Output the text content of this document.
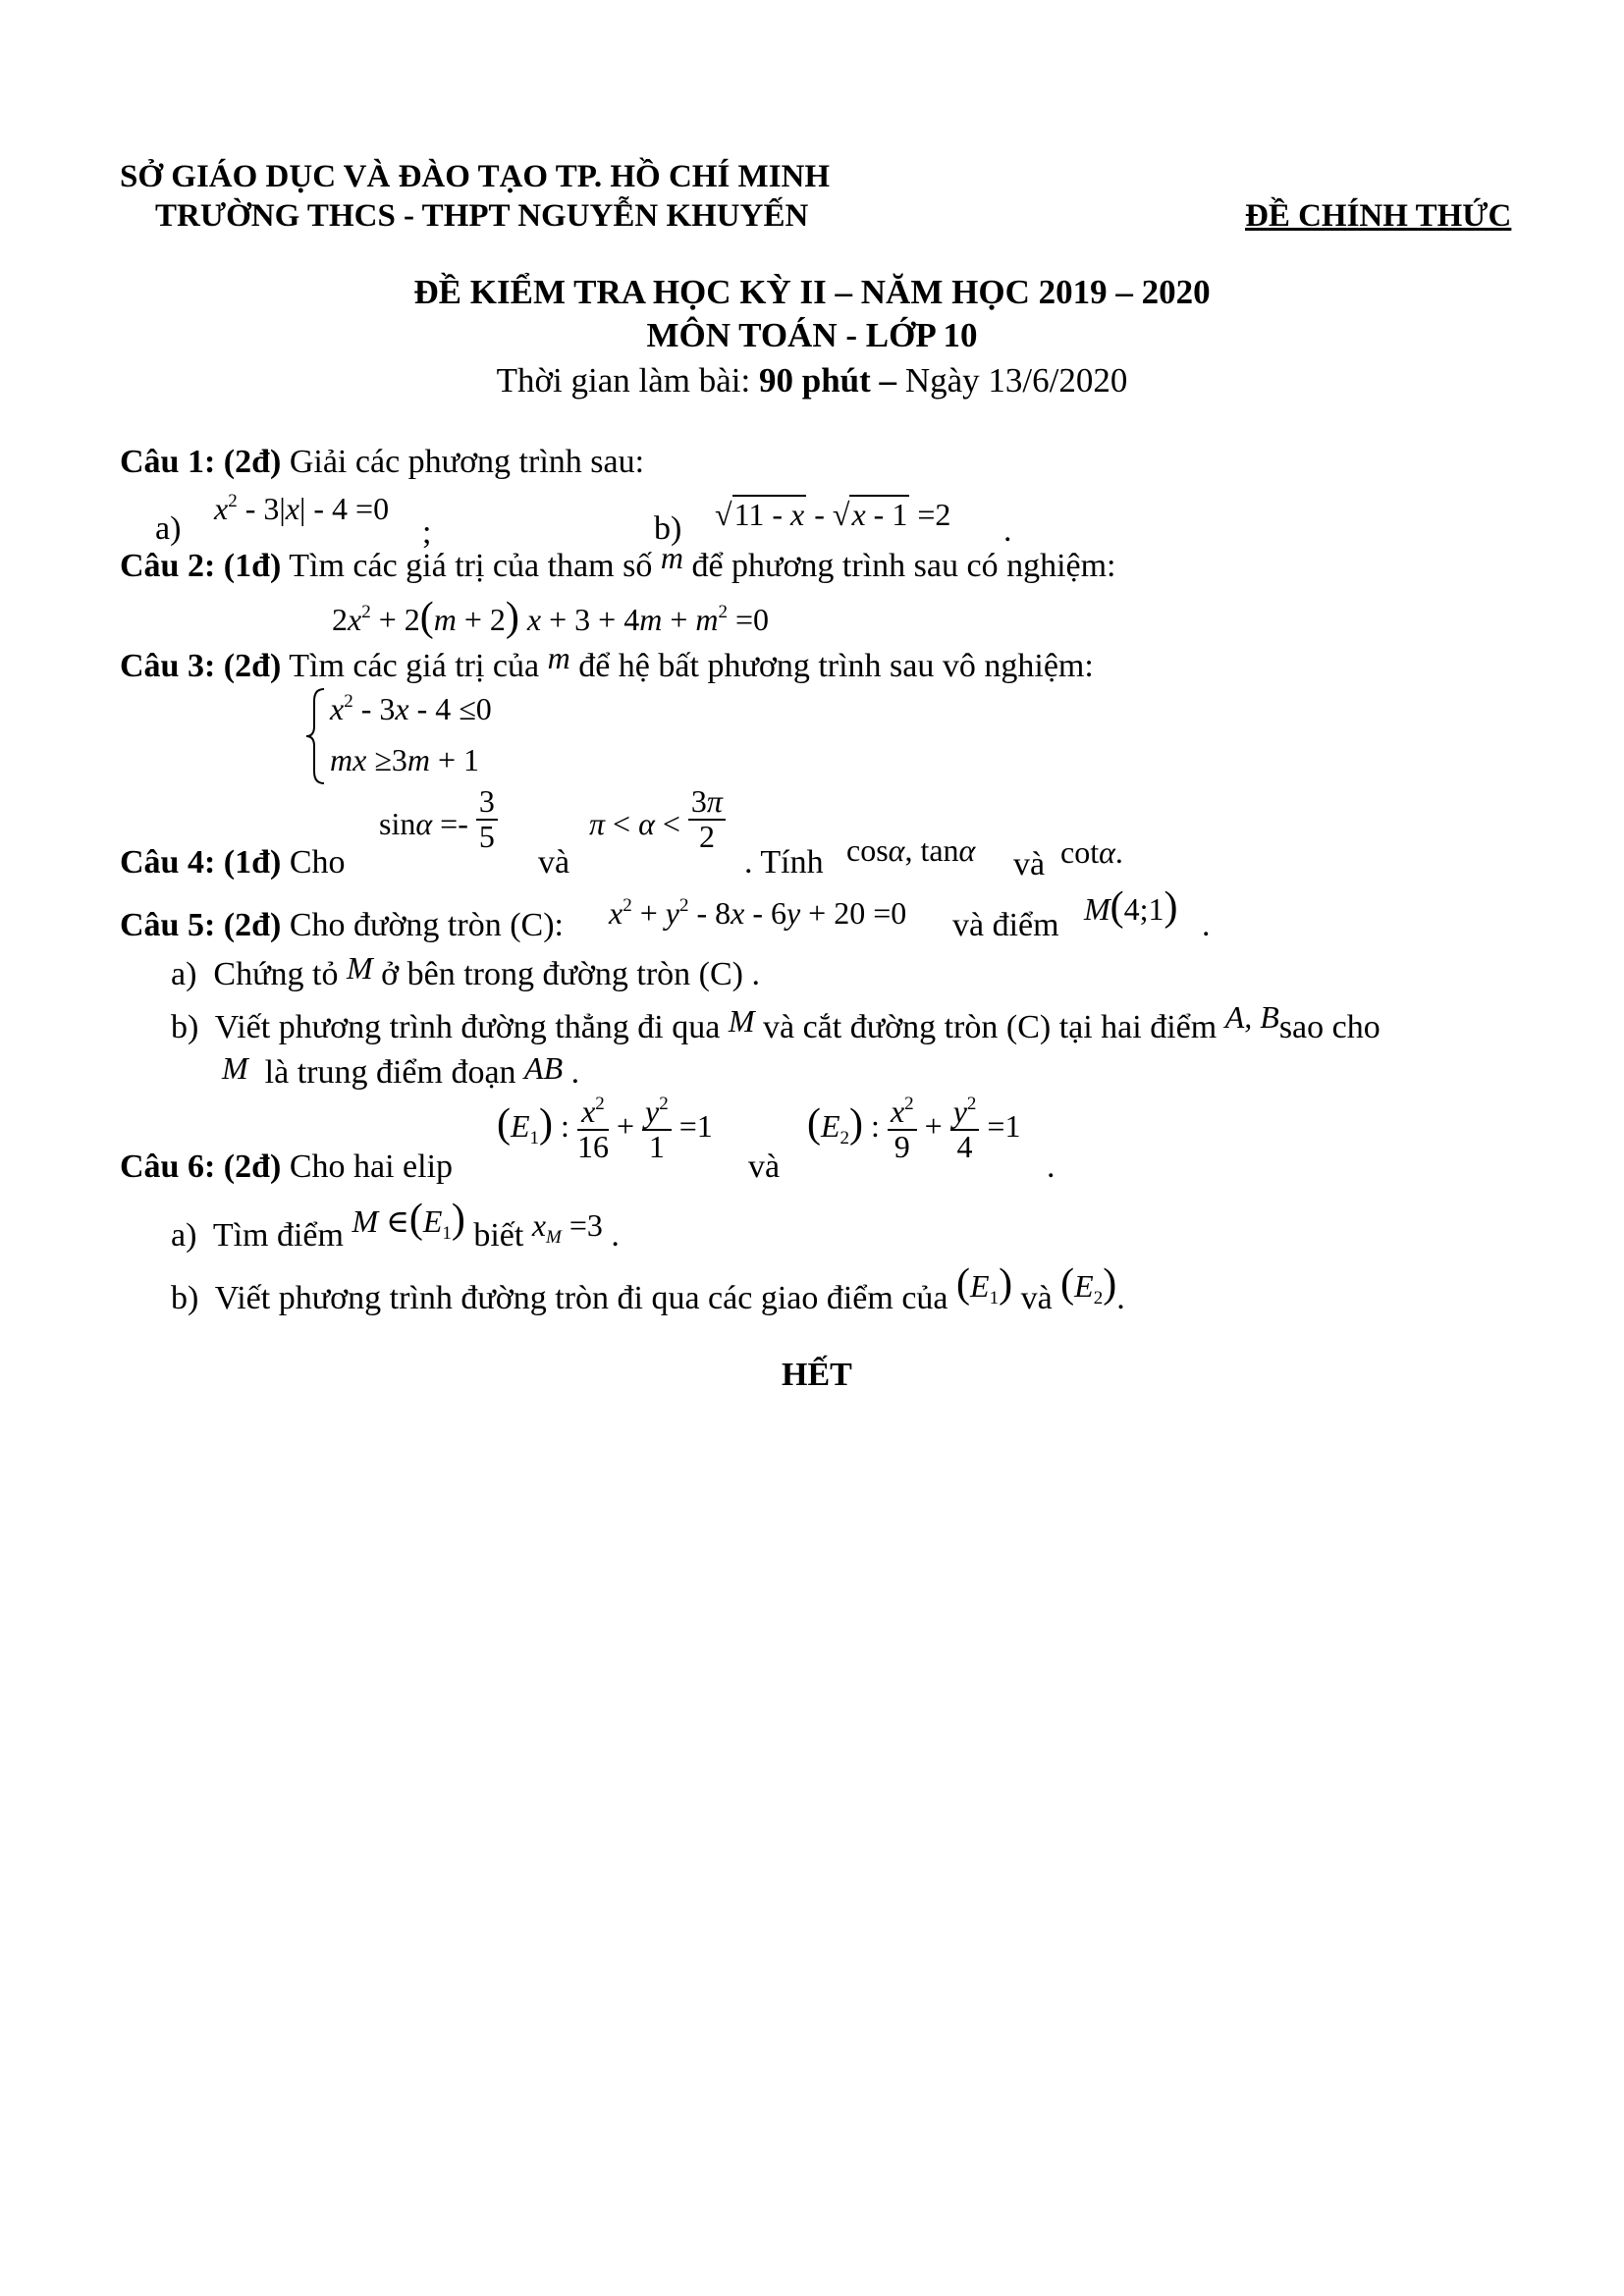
SỞ GIÁO DỤC VÀ ĐÀO TẠO TP. HỒ CHÍ MINH
TRƯỜNG THCS - THPT NGUYỄN KHUYẾN	ĐỀ CHÍNH THỨC
ĐỀ KIỂM TRA HỌC KỲ II – NĂM HỌC 2019 – 2020
MÔN TOÁN - LỚP 10
Thời gian làm bài: 90 phút – Ngày 13/6/2020
Câu 1: (2đ) Giải các phương trình sau:
a)
$x^2 - 3|x| - 4 =0$
;	b) √11 - x - √x - 1 =2 .
Câu 2: (1đ) Tìm các giá trị của tham số m để phương trình sau có nghiệm:
$2x^2 + 2(m + 2) x + 3 + 4m + m^2 =0$
Câu 3: (2đ) Tìm các giá trị của m để hệ bất phương trình sau vô nghiệm:
$x^2 - 3x - 4 \le 0$
mx ≥3m + 1
Câu 4: (1đ) Cho
$\sin\alpha =- \frac{3}{5}$
và
$\pi < \alpha < \frac{3\pi}{2}$
. Tính cosα, tanα và cotα.
Câu 5: (2đ) Cho đường tròn (C): $x^2 + y^2 - 8x - 6y + 20 =0$ và điểm M(4;1) .
a) Chứng tỏ M ở bên trong đường tròn (C) .
b) Viết phương trình đường thẳng đi qua M và cắt đường tròn (C) tại hai điểm A, Bsao cho
M là trung điểm đoạn AB .
Câu 6: (2đ) Cho hai elip
$(E_1)$ : $\frac{x^2}{16} + \frac{y^2}{1} =1$
và
$(E_2)$ : $\frac{x^2}{9} + \frac{y^2}{4} =1$
.
a) Tìm điểm M $\in(E_1)$ biết $x_M =3$ .
b) Viết phương trình đường tròn đi qua các giao điểm của $(E_1)$ và $(E_2)$.
HẾT
